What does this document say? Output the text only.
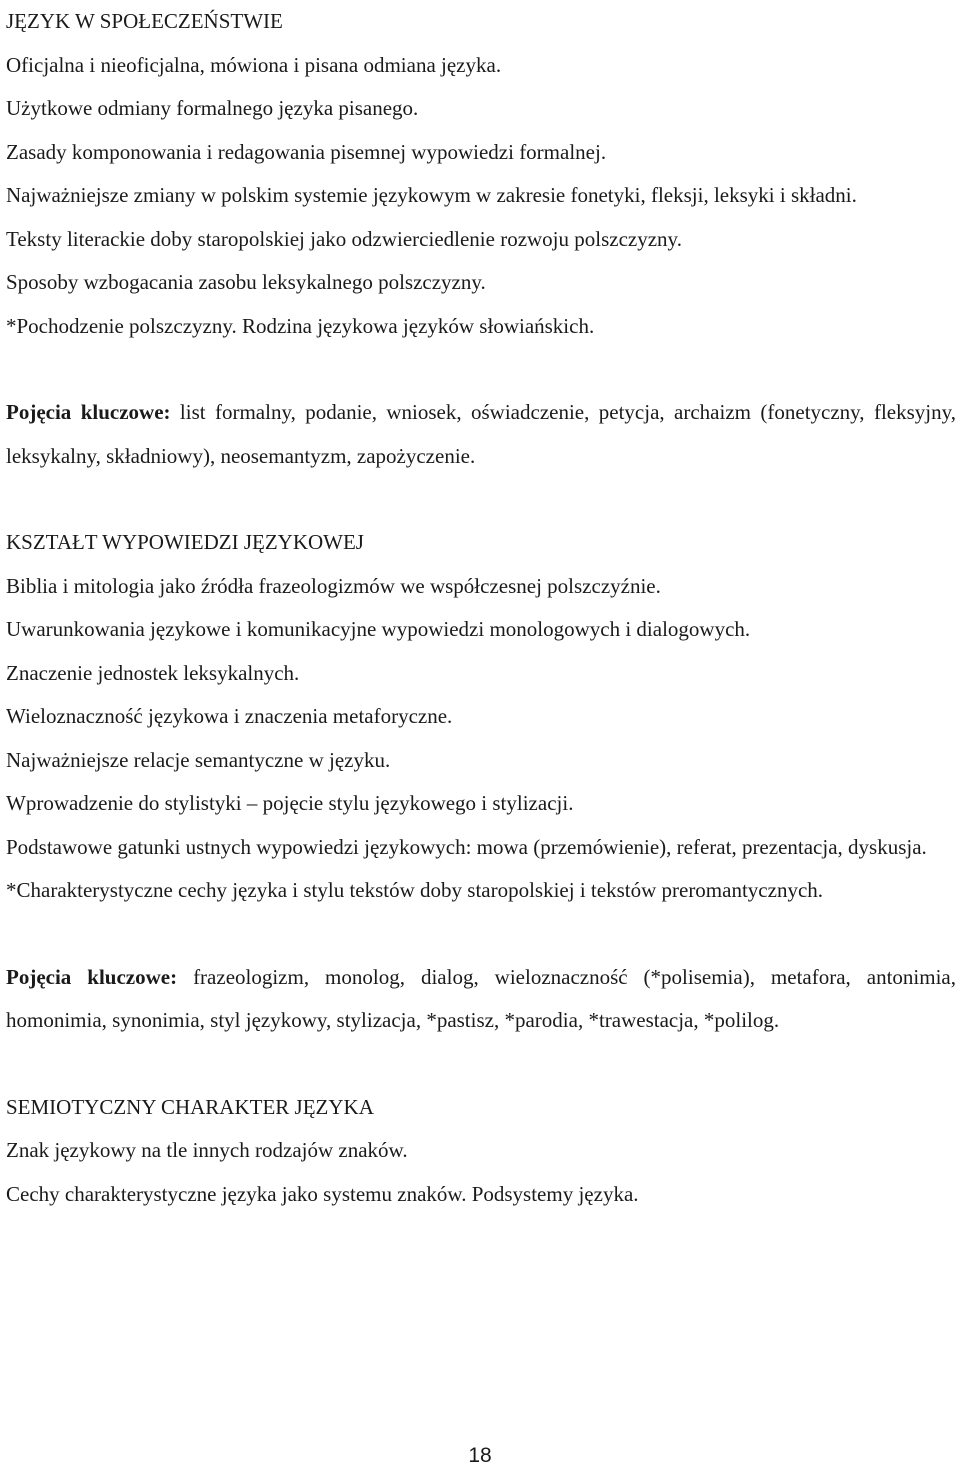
JĘZYK W SPOŁECZEŃSTWIE

Oficjalna i nieoficjalna, mówiona i pisana odmiana języka.

Użytkowe odmiany formalnego języka pisanego.

Zasady komponowania i redagowania pisemnej wypowiedzi formalnej.

Najważniejsze zmiany w polskim systemie językowym w zakresie fonetyki, fleksji, leksyki i składni.

Teksty literackie doby staropolskiej jako odzwierciedlenie rozwoju polszczyzny.

Sposoby wzbogacania zasobu leksykalnego polszczyzny.

*Pochodzenie polszczyzny. Rodzina językowa języków słowiańskich.

Pojęcia kluczowe: list formalny, podanie, wniosek, oświadczenie, petycja, archaizm (fonetyczny, fleksyjny, leksykalny, składniowy), neosemantyzm, zapożyczenie.

KSZTAŁT WYPOWIEDZI JĘZYKOWEJ

Biblia i mitologia jako źródła frazeologizmów we współczesnej polszczyźnie.

Uwarunkowania językowe i komunikacyjne wypowiedzi monologowych i dialogowych.

Znaczenie jednostek leksykalnych.

Wieloznaczność językowa i znaczenia metaforyczne.

Najważniejsze relacje semantyczne w języku.

Wprowadzenie do stylistyki – pojęcie stylu językowego i stylizacji.

Podstawowe gatunki ustnych wypowiedzi językowych: mowa (przemówienie), referat, prezentacja, dyskusja.

*Charakterystyczne cechy języka i stylu tekstów doby staropolskiej i tekstów preromantycznych.

Pojęcia kluczowe: frazeologizm, monolog, dialog, wieloznaczność (*polisemia), metafora, antonimia, homonimia, synonimia, styl językowy, stylizacja, *pastisz, *parodia, *trawestacja, *polilog.

SEMIOTYCZNY CHARAKTER JĘZYKA

Znak językowy na tle innych rodzajów znaków.

Cechy charakterystyczne języka jako systemu znaków. Podsystemy języka.

18
